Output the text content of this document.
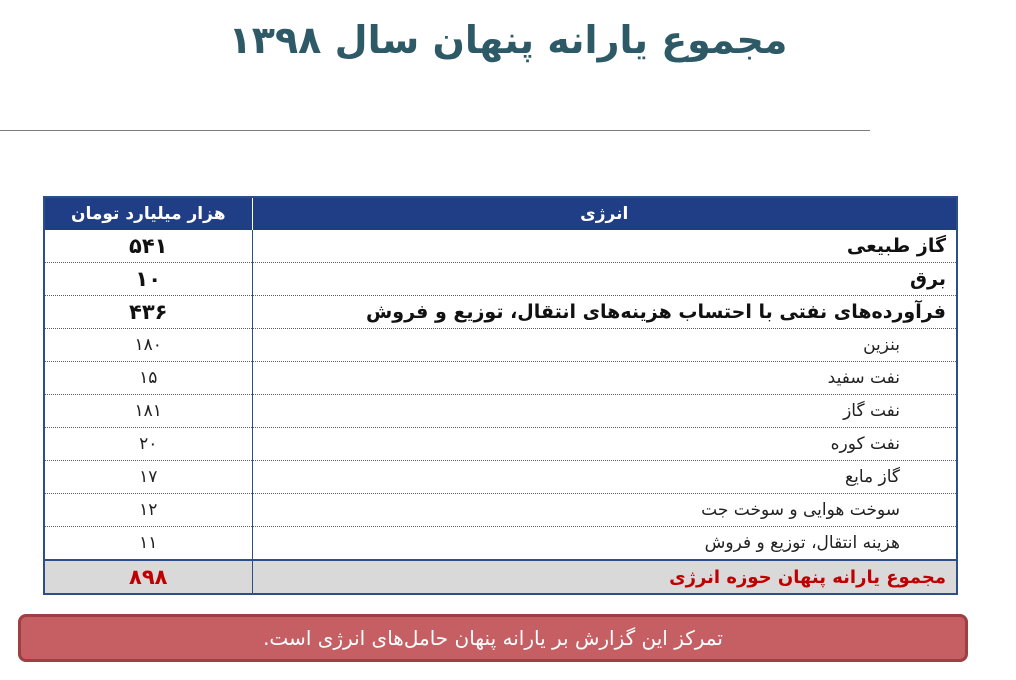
مجموع یارانه پنهان سال ۱۳۹۸
هزار میلیارد تومان	انرژی
۵۴۱	گاز طبیعی
۱۰	برق
۴۳۶	فرآورده‌های نفتی با احتساب هزینه‌های انتقال، توزیع و فروش
۱۸۰	بنزین
۱۵	نفت سفید
۱۸۱	نفت گاز
۲۰	نفت کوره
۱۷	گاز مایع
۱۲	سوخت هوایی و سوخت جت
۱۱	هزینه انتقال، توزیع و فروش
۸۹۸	مجموع یارانه پنهان حوزه انرژی
تمرکز این گزارش بر یارانه پنهان حامل‌های انرژی است.
